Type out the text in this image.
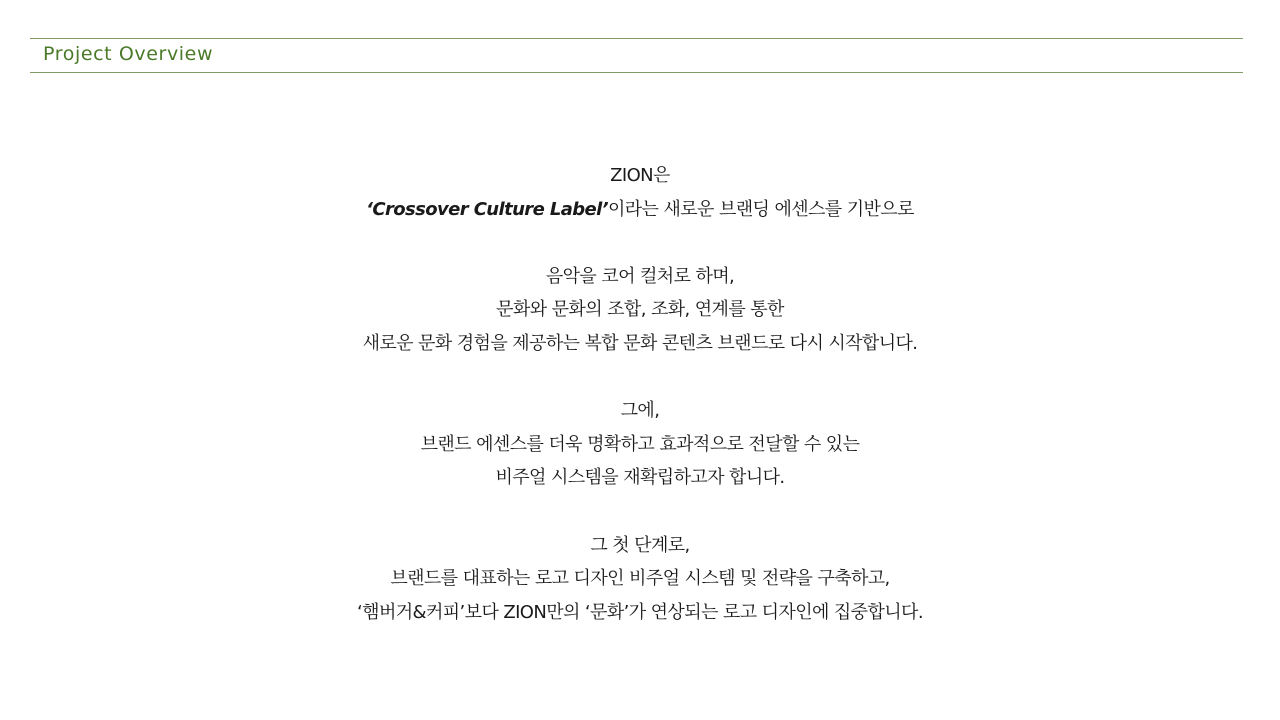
Project Overview
ZION은
‘Crossover Culture Label’이라는 새로운 브랜딩 에센스를 기반으로
음악을 코어 컬처로 하며,
문화와 문화의 조합, 조화, 연계를 통한
새로운 문화 경험을 제공하는 복합 문화 콘텐츠 브랜드로 다시 시작합니다.
그에,
브랜드 에센스를 더욱 명확하고 효과적으로 전달할 수 있는
비주얼 시스템을 재확립하고자 합니다.
그 첫 단계로,
브랜드를 대표하는 로고 디자인 비주얼 시스템 및 전략을 구축하고,
‘햄버거&커피’보다 ZION만의 ‘문화’가 연상되는 로고 디자인에 집중합니다.
